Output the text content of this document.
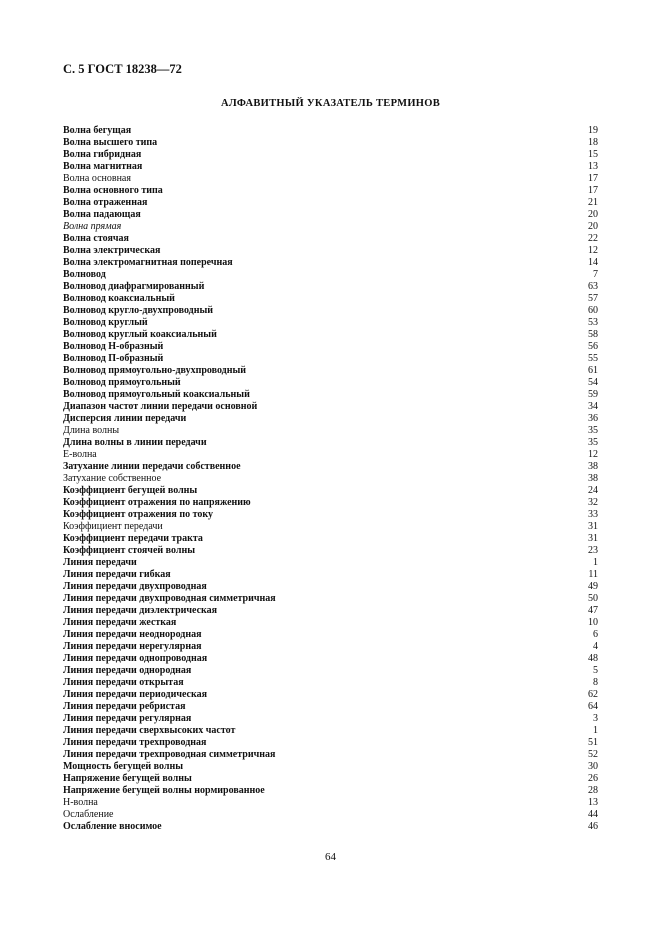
С. 5 ГОСТ 18238—72
АЛФАВИТНЫЙ УКАЗАТЕЛЬ ТЕРМИНОВ
Волна бегущая	19
Волна высшего типа	18
Волна гибридная	15
Волна магнитная	13
Волна основная	17
Волна основного типа	17
Волна отраженная	21
Волна падающая	20
Волна прямая	20
Волна стоячая	22
Волна электрическая	12
Волна электромагнитная поперечная	14
Волновод	7
Волновод диафрагмированный	63
Волновод коаксиальный	57
Волновод кругло-двухпроводный	60
Волновод круглый	53
Волновод круглый коаксиальный	58
Волновод Н-образный	56
Волновод П-образный	55
Волновод прямоугольно-двухпроводный	61
Волновод прямоугольный	54
Волновод прямоугольный коаксиальный	59
Диапазон частот линии передачи основной	34
Дисперсия линии передачи	36
Длина волны	35
Длина волны в линии передачи	35
Е-волна	12
Затухание линии передачи собственное	38
Затухание собственное	38
Коэффициент бегущей волны	24
Коэффициент отражения по напряжению	32
Коэффициент отражения по току	33
Коэффициент передачи	31
Коэффициент передачи тракта	31
Коэффициент стоячей волны	23
Линия передачи	1
Линия передачи гибкая	11
Линия передачи двухпроводная	49
Линия передачи двухпроводная симметричная	50
Линия передачи диэлектрическая	47
Линия передачи жесткая	10
Линия передачи неоднородная	6
Линия передачи нерегулярная	4
Линия передачи однопроводная	48
Линия передачи однородная	5
Линия передачи открытая	8
Линия передачи периодическая	62
Линия передачи ребристая	64
Линия передачи регулярная	3
Линия передачи сверхвысоких частот	1
Линия передачи трехпроводная	51
Линия передачи трехпроводная симметричная	52
Мощность бегущей волны	30
Напряжение бегущей волны	26
Напряжение бегущей волны нормированное	28
Н-волна	13
Ослабление	44
Ослабление вносимое	46
64
